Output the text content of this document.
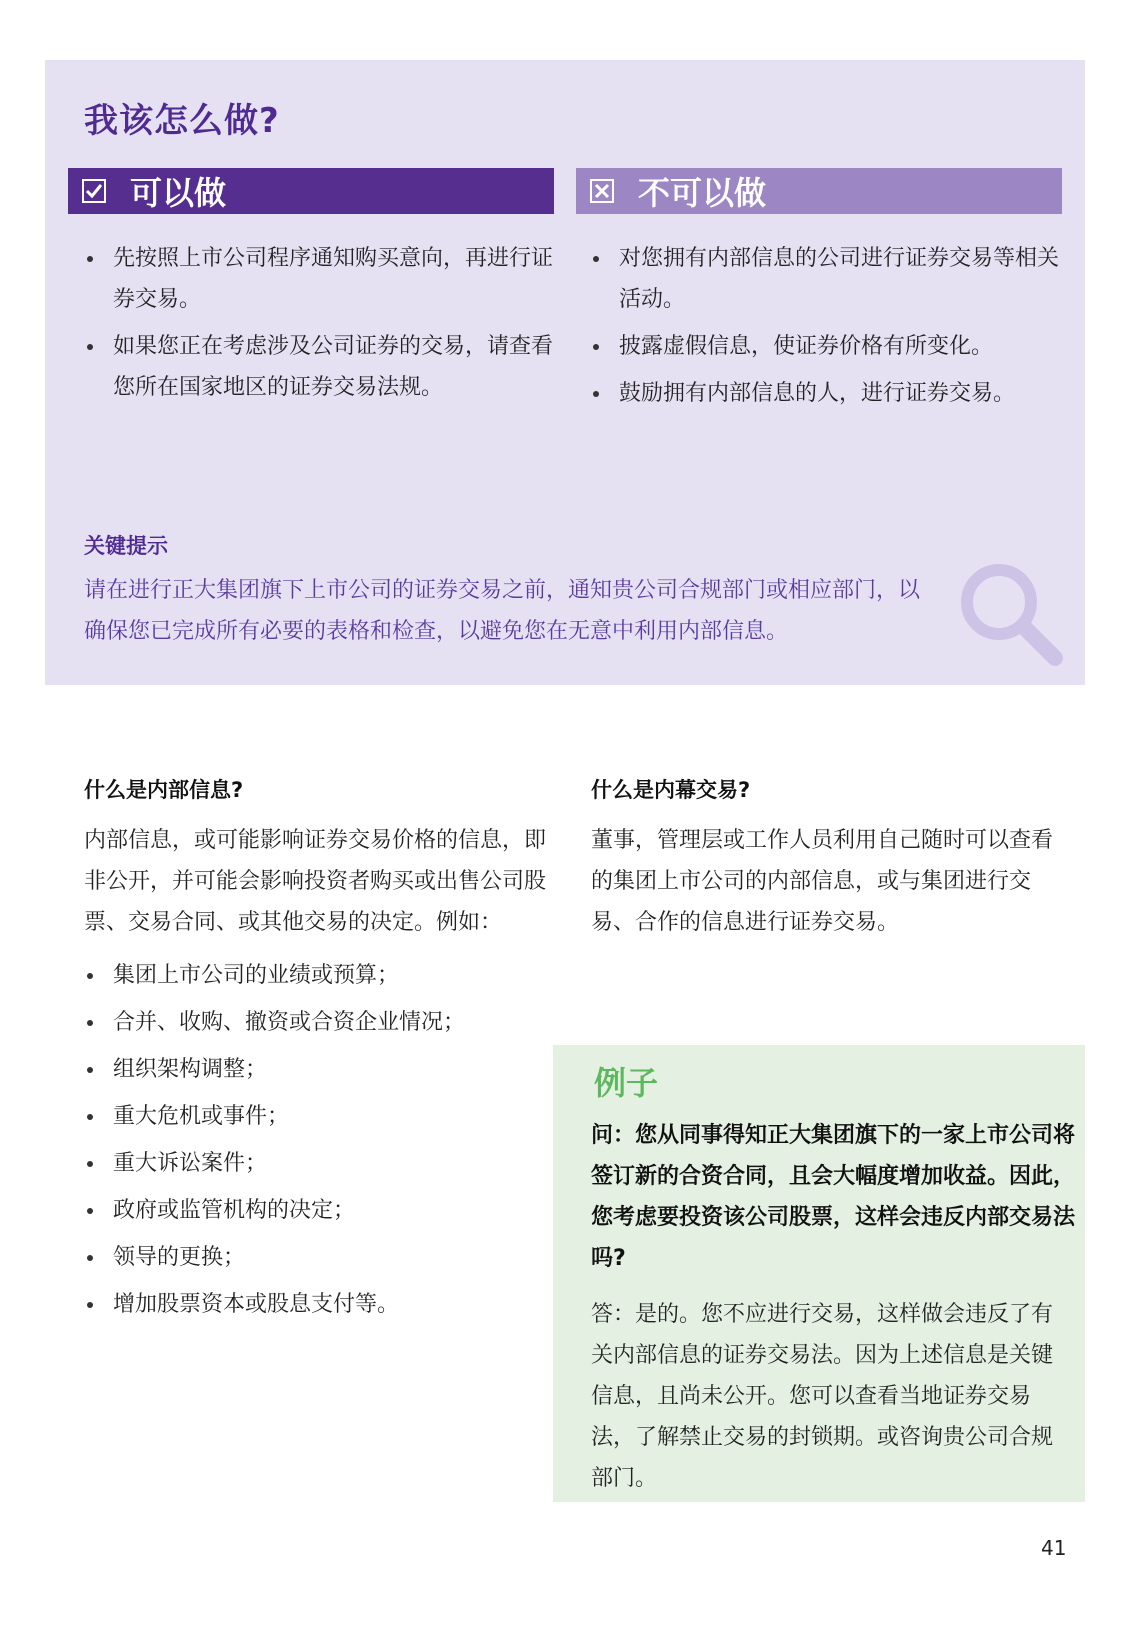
我该怎么做?
可以做	不可以做
先按照上市公司程序通知购买意向，再进行证券交易。
如果您正在考虑涉及公司证券的交易，请查看您所在国家地区的证券交易法规。
对您拥有内部信息的公司进行证券交易等相关活动。
披露虚假信息，使证券价格有所变化。
鼓励拥有内部信息的人，进行证券交易。
关键提示
请在进行正大集团旗下上市公司的证券交易之前，通知贵公司合规部门或相应部门，以确保您已完成所有必要的表格和检查，以避免您在无意中利用内部信息。
什么是内部信息?
内部信息，或可能影响证券交易价格的信息，即非公开，并可能会影响投资者购买或出售公司股票、交易合同、或其他交易的决定。例如：
什么是内幕交易?
董事，管理层或工作人员利用自己随时可以查看的集团上市公司的内部信息，或与集团进行交易、合作的信息进行证券交易。
集团上市公司的业绩或预算；
合并、收购、撤资或合资企业情况；
组织架构调整；
重大危机或事件；
重大诉讼案件；
政府或监管机构的决定；
领导的更换；
增加股票资本或股息支付等。
例子
问：您从同事得知正大集团旗下的一家上市公司将签订新的合资合同，且会大幅度增加收益。因此，您考虑要投资该公司股票，这样会违反内部交易法吗?
答：是的。您不应进行交易，这样做会违反了有关内部信息的证券交易法。因为上述信息是关键信息，且尚未公开。您可以查看当地证券交易法，了解禁止交易的封锁期。或咨询贵公司合规部门。
41
